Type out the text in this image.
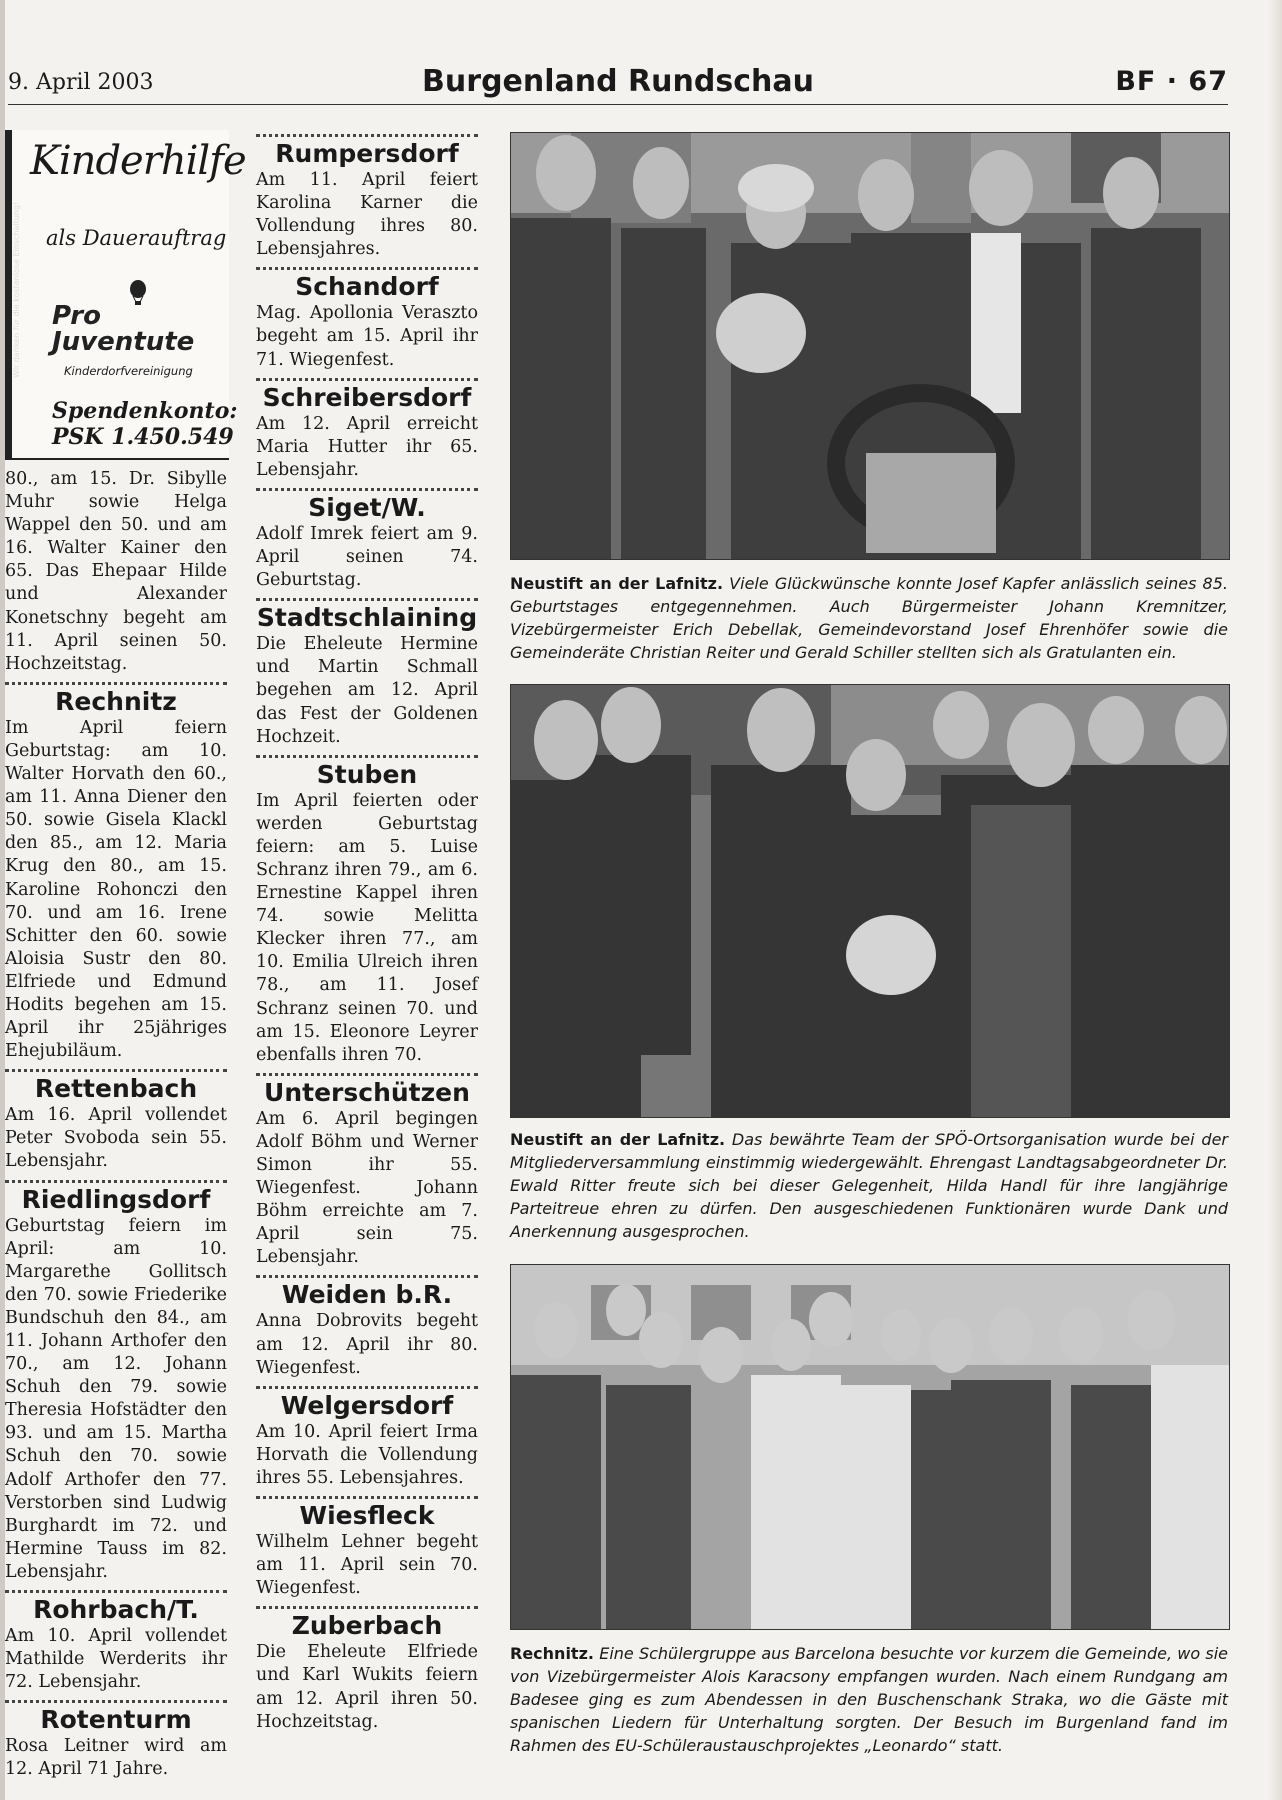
9. April 2003	Burgenland Rundschau	BF · 67
Wir danken für die kostenlose Einschaltung!
Kinderhilfe
als Dauerauftrag
Pro
Juventute
Kinderdorfvereinigung
Spendenkonto:
PSK 1.450.549
80., am 15. Dr. Sibylle Muhr sowie Helga Wappel den 50. und am 16. Walter Kainer den 65. Das Ehepaar Hilde und Alexander Konetschny begeht am 11. April seinen 50. Hochzeitstag.
Rechnitz
Im April feiern Geburtstag: am 10. Walter Horvath den 60., am 11. Anna Diener den 50. sowie Gisela Klackl den 85., am 12. Maria Krug den 80., am 15. Karoline Rohonczi den 70. und am 16. Irene Schitter den 60. sowie Aloisia Sustr den 80. Elfriede und Edmund Hodits begehen am 15. April ihr 25jähriges Ehejubiläum.
Rettenbach
Am 16. April vollendet Peter Svoboda sein 55. Lebensjahr.
Riedlingsdorf
Geburtstag feiern im April: am 10. Margarethe Gollitsch den 70. sowie Friederike Bundschuh den 84., am 11. Johann Arthofer den 70., am 12. Johann Schuh den 79. sowie Theresia Hofstädter den 93. und am 15. Martha Schuh den 70. sowie Adolf Arthofer den 77. Verstorben sind Ludwig Burghardt im 72. und Hermine Tauss im 82. Lebensjahr.
Rohrbach/T.
Am 10. April vollendet Mathilde Werderits ihr 72. Lebensjahr.
Rotenturm
Rosa Leitner wird am 12. April 71 Jahre.
Rumpersdorf
Am 11. April feiert Karolina Karner die Vollendung ihres 80. Lebensjahres.
Schandorf
Mag. Apollonia Veraszto begeht am 15. April ihr 71. Wiegenfest.
Schreibersdorf
Am 12. April erreicht Maria Hutter ihr 65. Lebensjahr.
Siget/W.
Adolf Imrek feiert am 9. April seinen 74. Geburtstag.
Stadtschlaining
Die Eheleute Hermine und Martin Schmall begehen am 12. April das Fest der Goldenen Hochzeit.
Stuben
Im April feierten oder werden Geburtstag feiern: am 5. Luise Schranz ihren 79., am 6. Ernestine Kappel ihren 74. sowie Melitta Klecker ihren 77., am 10. Emilia Ulreich ihren 78., am 11. Josef Schranz seinen 70. und am 15. Eleonore Leyrer ebenfalls ihren 70.
Unterschützen
Am 6. April begingen Adolf Böhm und Werner Simon ihr 55. Wiegenfest. Johann Böhm erreichte am 7. April sein 75. Lebensjahr.
Weiden b.R.
Anna Dobrovits begeht am 12. April ihr 80. Wiegenfest.
Welgersdorf
Am 10. April feiert Irma Horvath die Vollendung ihres 55. Lebensjahres.
Wiesfleck
Wilhelm Lehner begeht am 11. April sein 70. Wiegenfest.
Zuberbach
Die Eheleute Elfriede und Karl Wukits feiern am 12. April ihren 50. Hochzeitstag.
Neustift an der Lafnitz. Viele Glückwünsche konnte Josef Kapfer anlässlich seines 85. Geburtstages entgegennehmen. Auch Bürgermeister Johann Kremnitzer, Vizebürgermeister Erich Debellak, Gemeindevorstand Josef Ehrenhöfer sowie die Gemeinderäte Christian Reiter und Gerald Schiller stellten sich als Gratulanten ein.
Neustift an der Lafnitz. Das bewährte Team der SPÖ-Ortsorganisation wurde bei der Mitgliederversammlung einstimmig wiedergewählt. Ehrengast Landtagsabgeordneter Dr. Ewald Ritter freute sich bei dieser Gelegenheit, Hilda Handl für ihre langjährige Parteitreue ehren zu dürfen. Den ausgeschiedenen Funktionären wurde Dank und Anerkennung ausgesprochen.
Rechnitz. Eine Schülergruppe aus Barcelona besuchte vor kurzem die Gemeinde, wo sie von Vizebürgermeister Alois Karacsony empfangen wurden. Nach einem Rundgang am Badesee ging es zum Abendessen in den Buschenschank Straka, wo die Gäste mit spanischen Liedern für Unterhaltung sorgten. Der Besuch im Burgenland fand im Rahmen des EU-Schüleraustauschprojektes „Leonardo“ statt.
